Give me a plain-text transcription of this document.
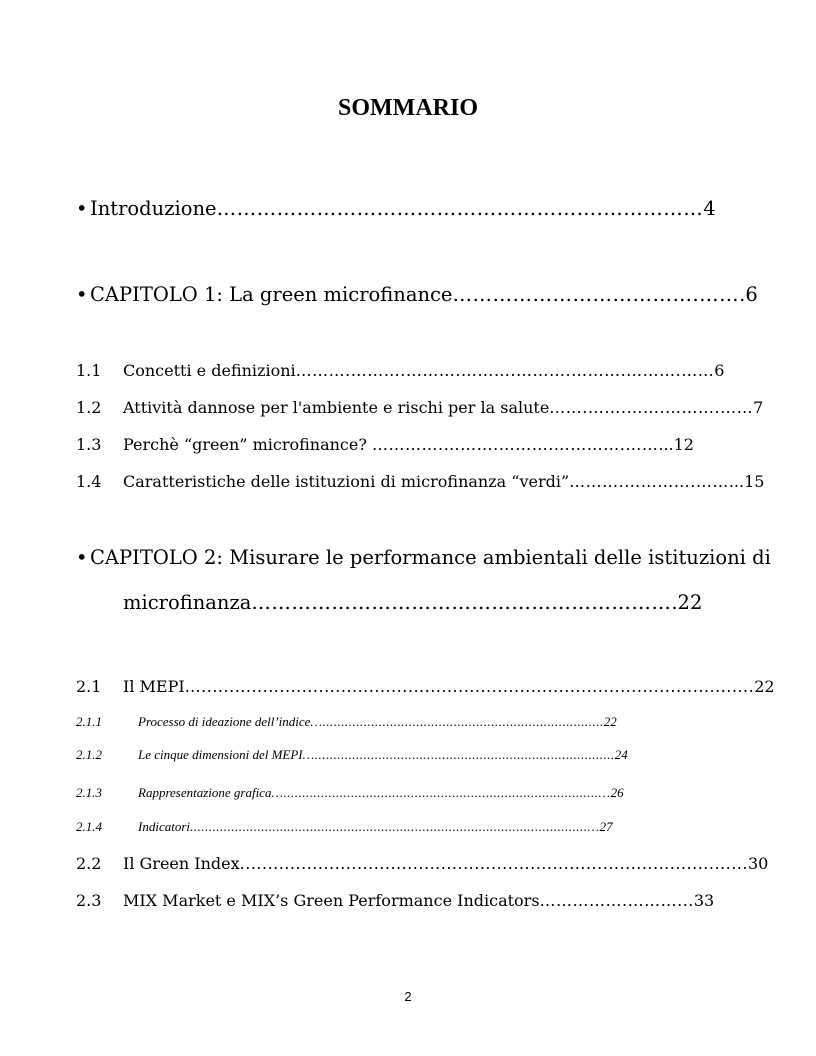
SOMMARIO
• Introduzione………………………………………………….……………4
• CAPITOLO 1: La green microfinance……………………………….…….6
1.1 Concetti e definizioni……….……….……….……….……….……….……….……6
1.2 Attività dannose per l'ambiente e rischi per la salute…….…….…….……….……7
1.3 Perchè “green” microfinance? ………….……….……….………….……...12
1.4 Caratteristiche delle istituzioni di microfinanza “verdi”……….………….……...15
• CAPITOLO 2: Misurare le performance ambientali delle istituzioni di
microfinanza……………………………………………………….22
2.1 Il MEPI…...................................................................................................22
2.1.1	Processo di ideazione dell’indice…...........................................................................22
2.1.2	Le cinque dimensioni del MEPI…................................................................................24
2.1.3	Rappresentazione grafica…....................................................................................…26
2.1.4	Indicatori..........................................................................................................…27
2.2 Il Green Index...........................................................................................30
2.3 MIX Market e MIX’s Green Performance Indicators…………….………...33
2
